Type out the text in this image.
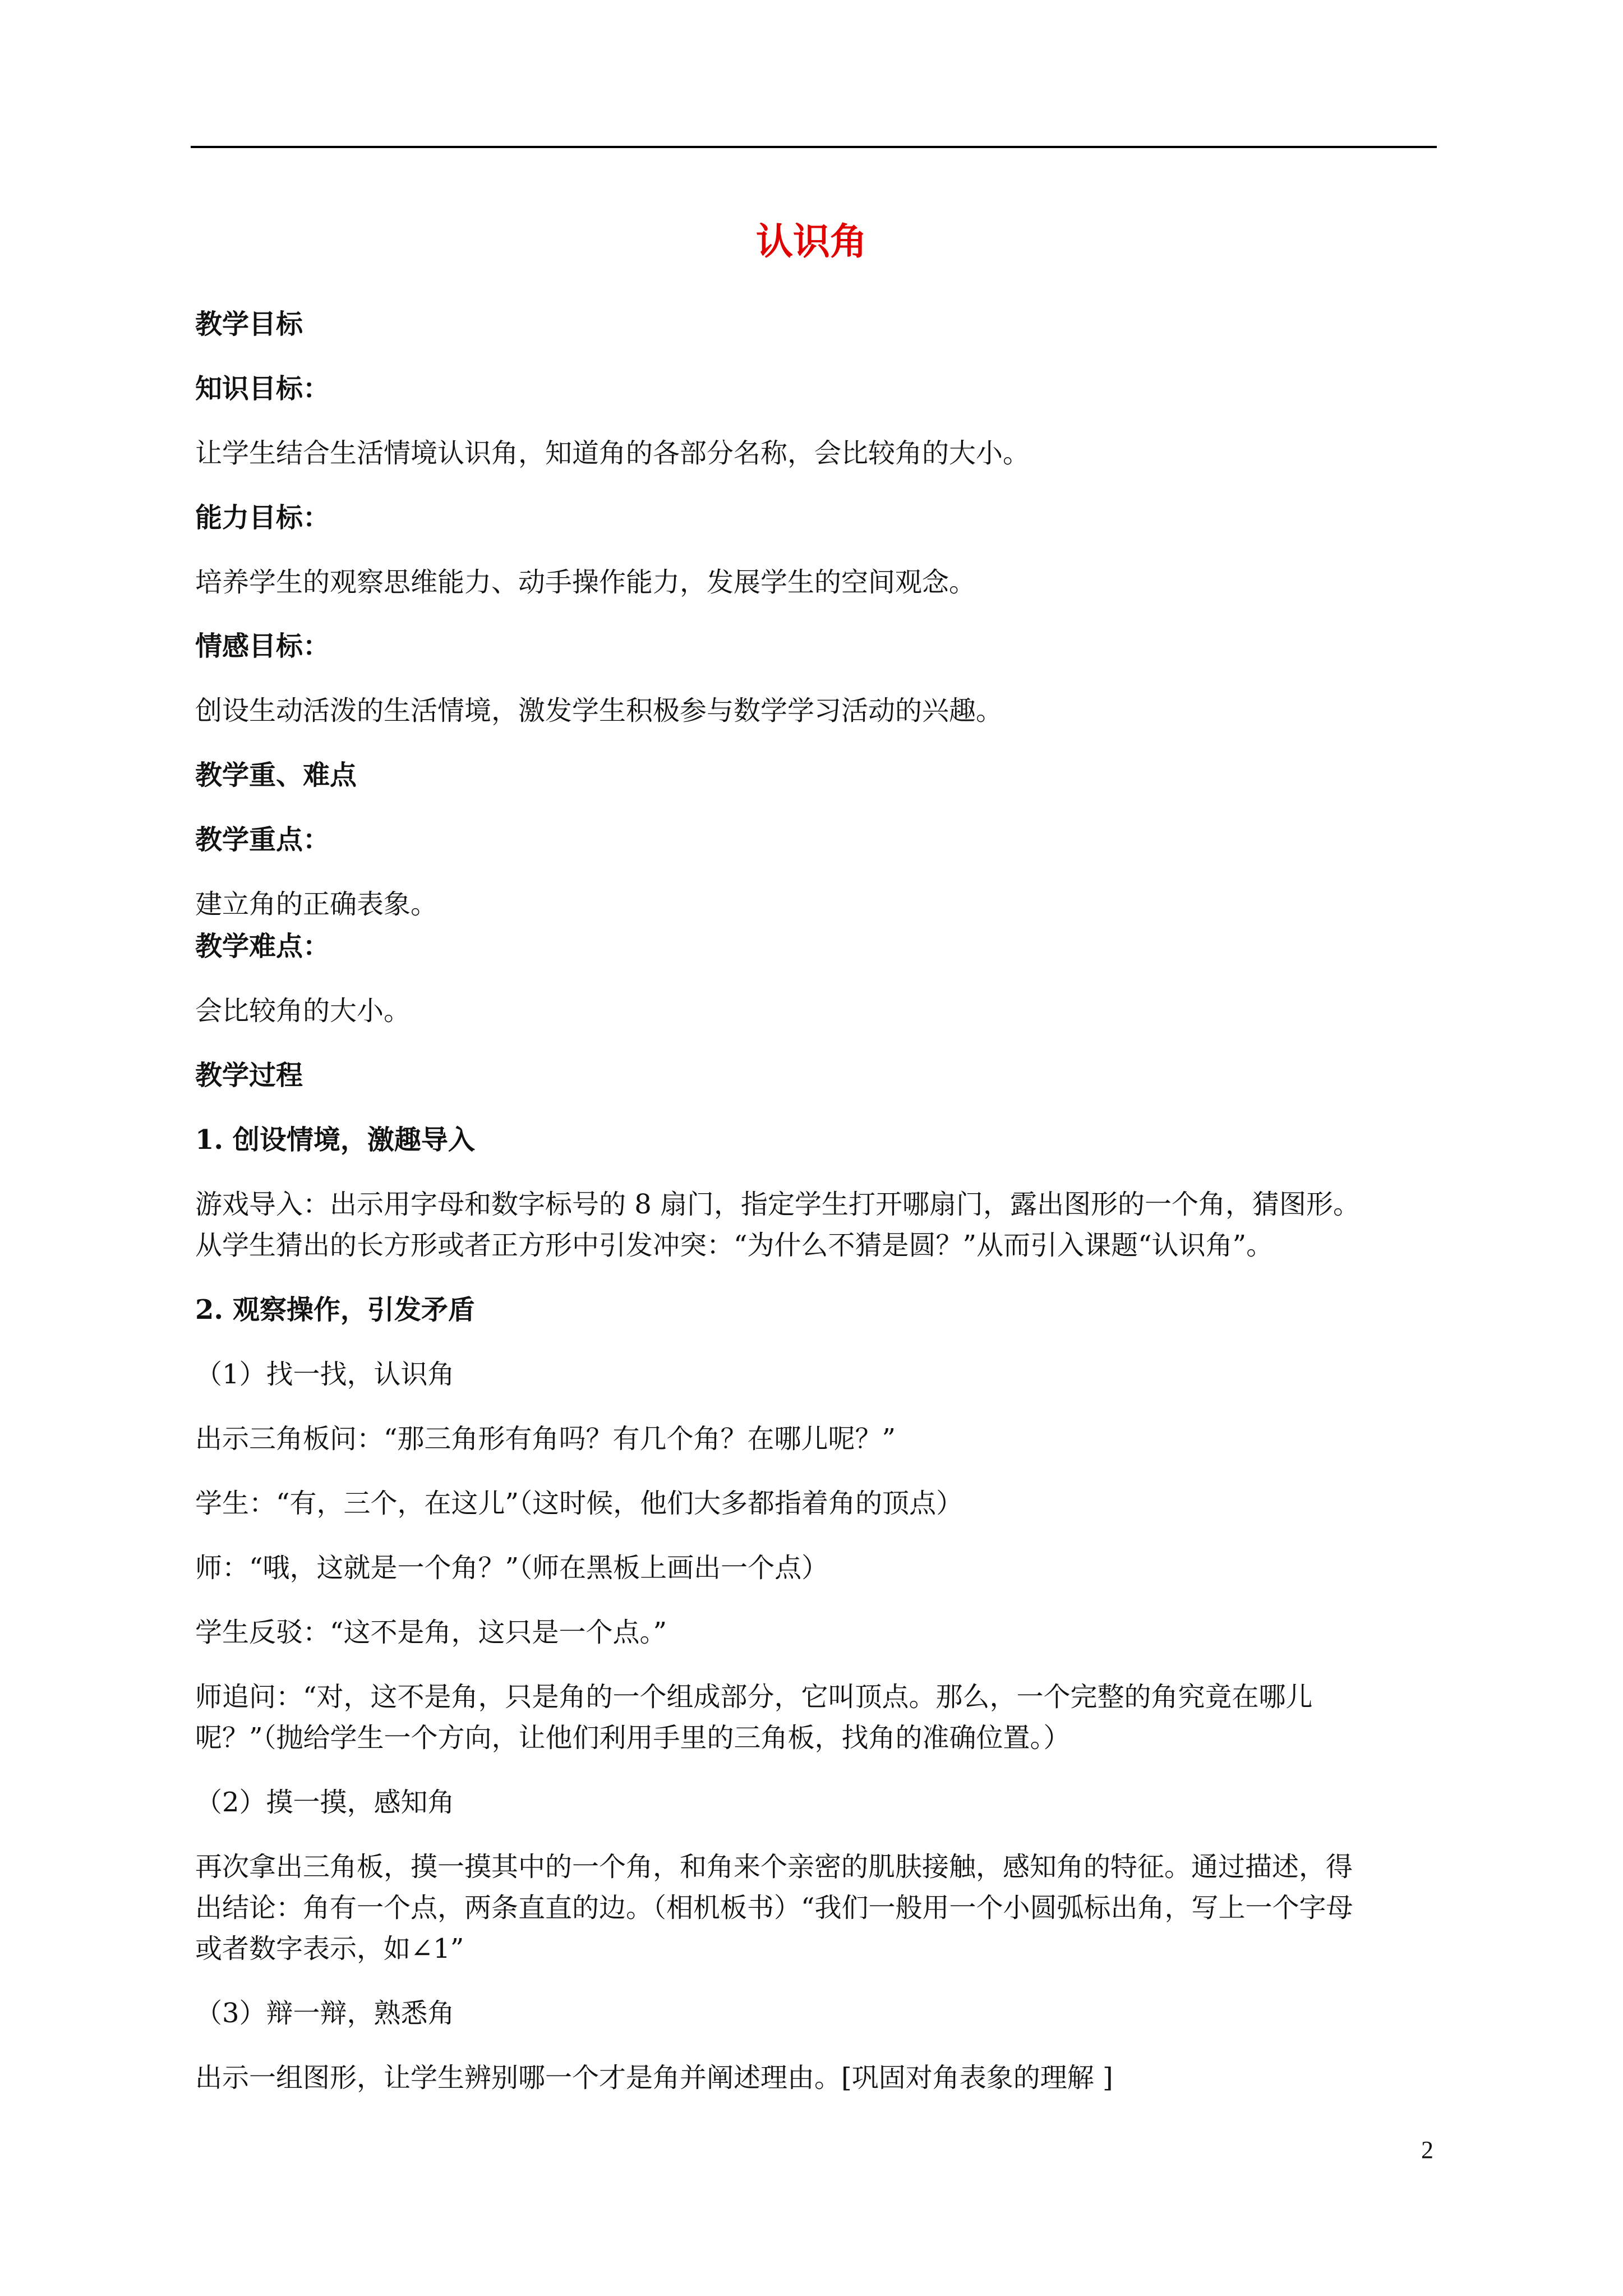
认识角
教学目标
知识目标：
让学生结合生活情境认识角，知道角的各部分名称，会比较角的大小。
能力目标：
培养学生的观察思维能力、动手操作能力，发展学生的空间观念。
情感目标：
创设生动活泼的生活情境，激发学生积极参与数学学习活动的兴趣。
教学重、难点
教学重点：
建立角的正确表象。
教学难点：
会比较角的大小。
教学过程
1. 创设情境，激趣导入
游戏导入：出示用字母和数字标号的 8 扇门，指定学生打开哪扇门，露出图形的一个角，猜图形。
从学生猜出的长方形或者正方形中引发冲突：“为什么不猜是圆？”从而引入课题“认识角”。
2. 观察操作，引发矛盾
（1）找一找，认识角
出示三角板问：“那三角形有角吗？有几个角？在哪儿呢？”
学生：“有，三个，在这儿”（这时候，他们大多都指着角的顶点）
师：“哦，这就是一个角？”（师在黑板上画出一个点）
学生反驳：“这不是角，这只是一个点。”
师追问：“对，这不是角，只是角的一个组成部分，它叫顶点。那么，一个完整的角究竟在哪儿
呢？”（抛给学生一个方向，让他们利用手里的三角板，找角的准确位置。）
（2）摸一摸，感知角
再次拿出三角板，摸一摸其中的一个角，和角来个亲密的肌肤接触，感知角的特征。通过描述，得
出结论：角有一个点，两条直直的边。（相机板书）“我们一般用一个小圆弧标出角，写上一个字母
或者数字表示，如∠1”
（3）辩一辩，熟悉角
出示一组图形，让学生辨别哪一个才是角并阐述理由。[巩固对角表象的理解 ]
2
